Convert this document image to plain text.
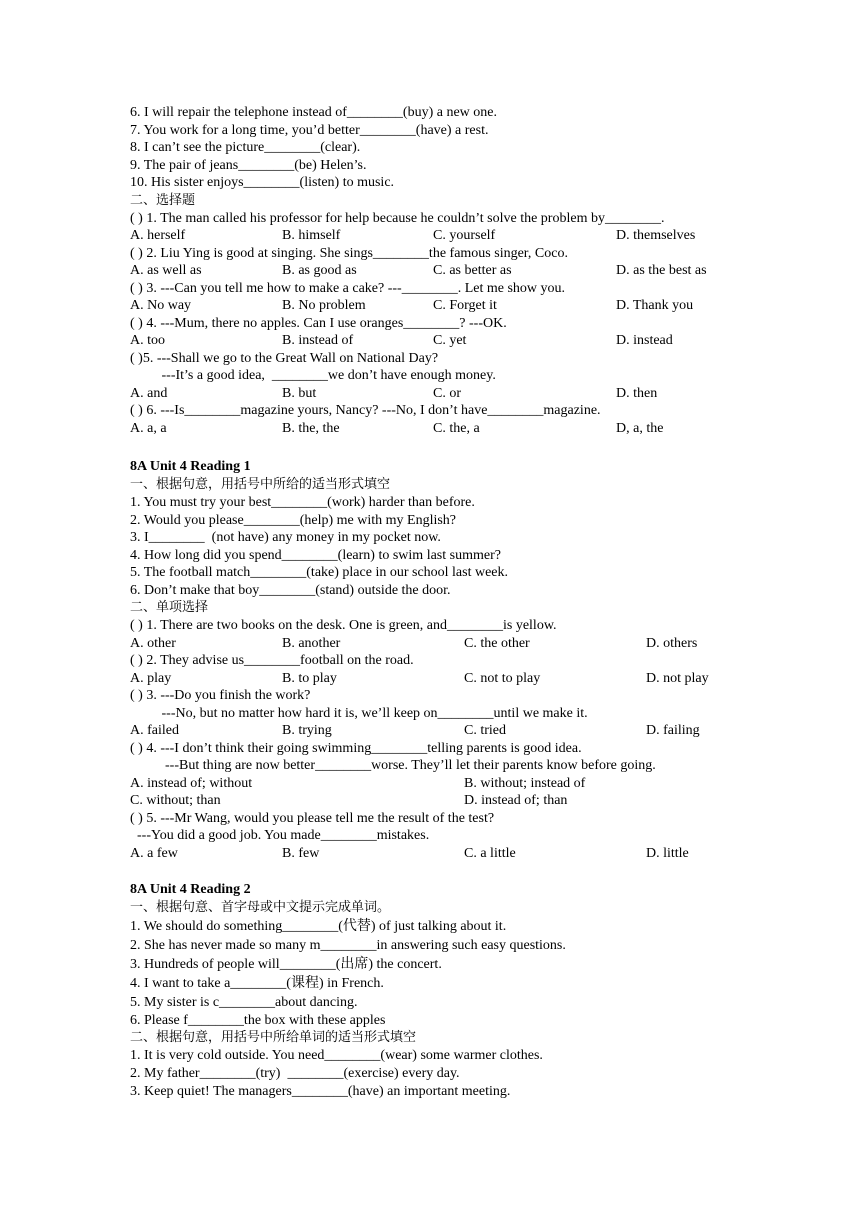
6. I will repair the telephone instead of________(buy) a new one.
7. You work for a long time, you’d better________(have) a rest.
8. I can’t see the picture________(clear).
9. The pair of jeans________(be) Helen’s.
10. His sister enjoys________(listen) to music.
二、选择题
( ) 1. The man called his professor for help because he couldn’t solve the problem by________.
A. herself	B. himself	C. yourself	D. themselves
( ) 2. Liu Ying is good at singing. She sings________the famous singer, Coco.
A. as well as	B. as good as	C. as better as	D. as the best as
( ) 3. ---Can you tell me how to make a cake? ---________. Let me show you.
A. No way	B. No problem	C. Forget it	D. Thank you
( ) 4. ---Mum, there no apples. Can I use oranges________? ---OK.
A. too	B. instead of	C. yet	D. instead
( )5. ---Shall we go to the Great Wall on National Day?
---It’s a good idea,  ________we don’t have enough money.
A. and	B. but	C. or	D. then
( ) 6. ---Is________magazine yours, Nancy? ---No, I don’t have________magazine.
A. a, a	B. the, the	C. the, a	D, a, the
8A Unit 4 Reading 1
一、根据句意，用括号中所给的适当形式填空
1. You must try your best________(work) harder than before.
2. Would you please________(help) me with my English?
3. I________  (not have) any money in my pocket now.
4. How long did you spend________(learn) to swim last summer?
5. The football match________(take) place in our school last week.
6. Don’t make that boy________(stand) outside the door.
二、单项选择
( ) 1. There are two books on the desk. One is green, and________is yellow.
A. other	B. another	C. the other	D. others
( ) 2. They advise us________football on the road.
A. play	B. to play	C. not to play	D. not play
( ) 3. ---Do you finish the work?
---No, but no matter how hard it is, we’ll keep on________until we make it.
A. failed	B. trying	C. tried	D. failing
( ) 4. ---I don’t think their going swimming________telling parents is good idea.
---But thing are now better________worse. They’ll let their parents know before going.
A. instead of; without	B. without; instead of
C. without; than	D. instead of; than
( ) 5. ---Mr Wang, would you please tell me the result of the test?
---You did a good job. You made________mistakes.
A. a few	B. few	C. a little	D. little
8A Unit 4 Reading 2
一、根据句意、首字母或中文提示完成单词。
1. We should do something________(代替) of just talking about it.
2. She has never made so many m________in answering such easy questions.
3. Hundreds of people will________(出席) the concert.
4. I want to take a________(课程) in French.
5. My sister is c________about dancing.
6. Please f________the box with these apples
二、根据句意，用括号中所给单词的适当形式填空
1. It is very cold outside. You need________(wear) some warmer clothes.
2. My father________(try)  ________(exercise) every day.
3. Keep quiet! The managers________(have) an important meeting.
